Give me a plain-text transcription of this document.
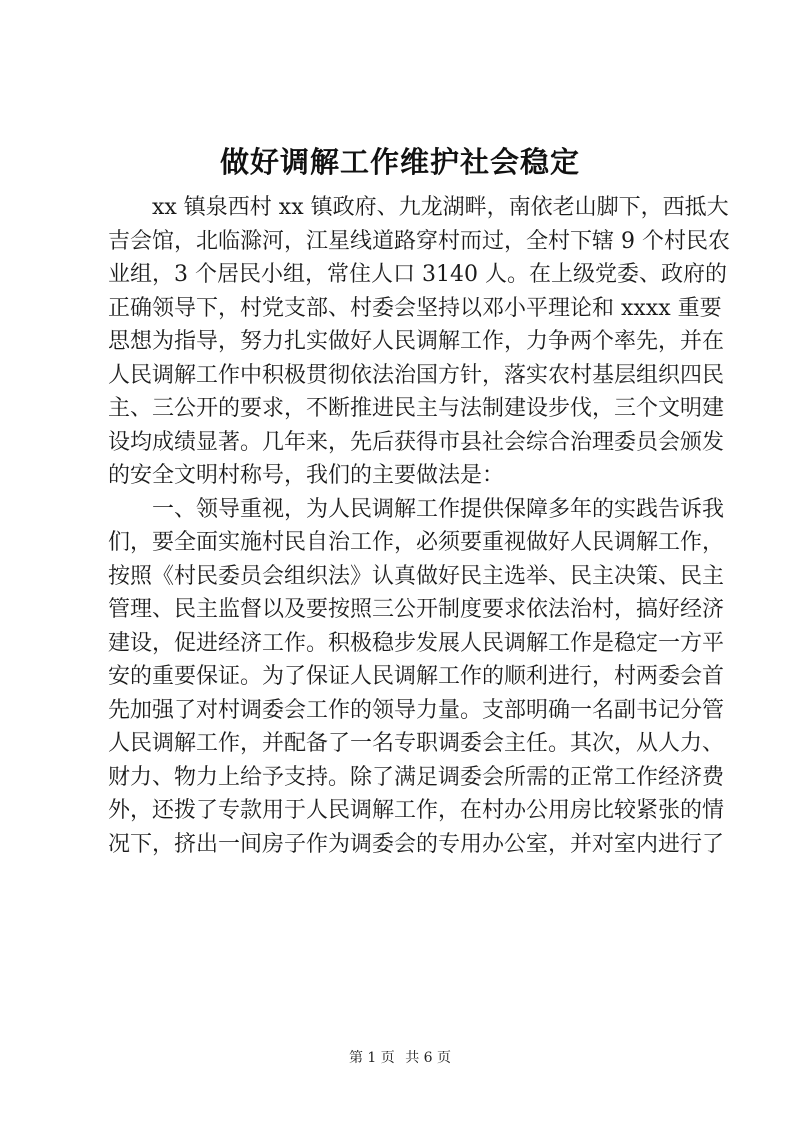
做好调解工作维护社会稳定
xx 镇泉西村 xx 镇政府、九龙湖畔，南依老山脚下，西抵大
吉会馆，北临滁河，江星线道路穿村而过，全村下辖 9 个村民农
业组，3 个居民小组，常住人口 3140 人。在上级党委、政府的
正确领导下，村党支部、村委会坚持以邓小平理论和 xxxx 重要
思想为指导，努力扎实做好人民调解工作，力争两个率先，并在
人民调解工作中积极贯彻依法治国方针，落实农村基层组织四民
主、三公开的要求，不断推进民主与法制建设步伐，三个文明建
设均成绩显著。几年来，先后获得市县社会综合治理委员会颁发
的安全文明村称号，我们的主要做法是：
一、领导重视，为人民调解工作提供保障多年的实践告诉我
们，要全面实施村民自治工作，必须要重视做好人民调解工作，
按照《村民委员会组织法》认真做好民主选举、民主决策、民主
管理、民主监督以及要按照三公开制度要求依法治村，搞好经济
建设，促进经济工作。积极稳步发展人民调解工作是稳定一方平
安的重要保证。为了保证人民调解工作的顺利进行，村两委会首
先加强了对村调委会工作的领导力量。支部明确一名副书记分管
人民调解工作，并配备了一名专职调委会主任。其次，从人力、
财力、物力上给予支持。除了满足调委会所需的正常工作经济费
外，还拨了专款用于人民调解工作，在村办公用房比较紧张的情
况下，挤出一间房子作为调委会的专用办公室，并对室内进行了
第 1 页 共 6 页
